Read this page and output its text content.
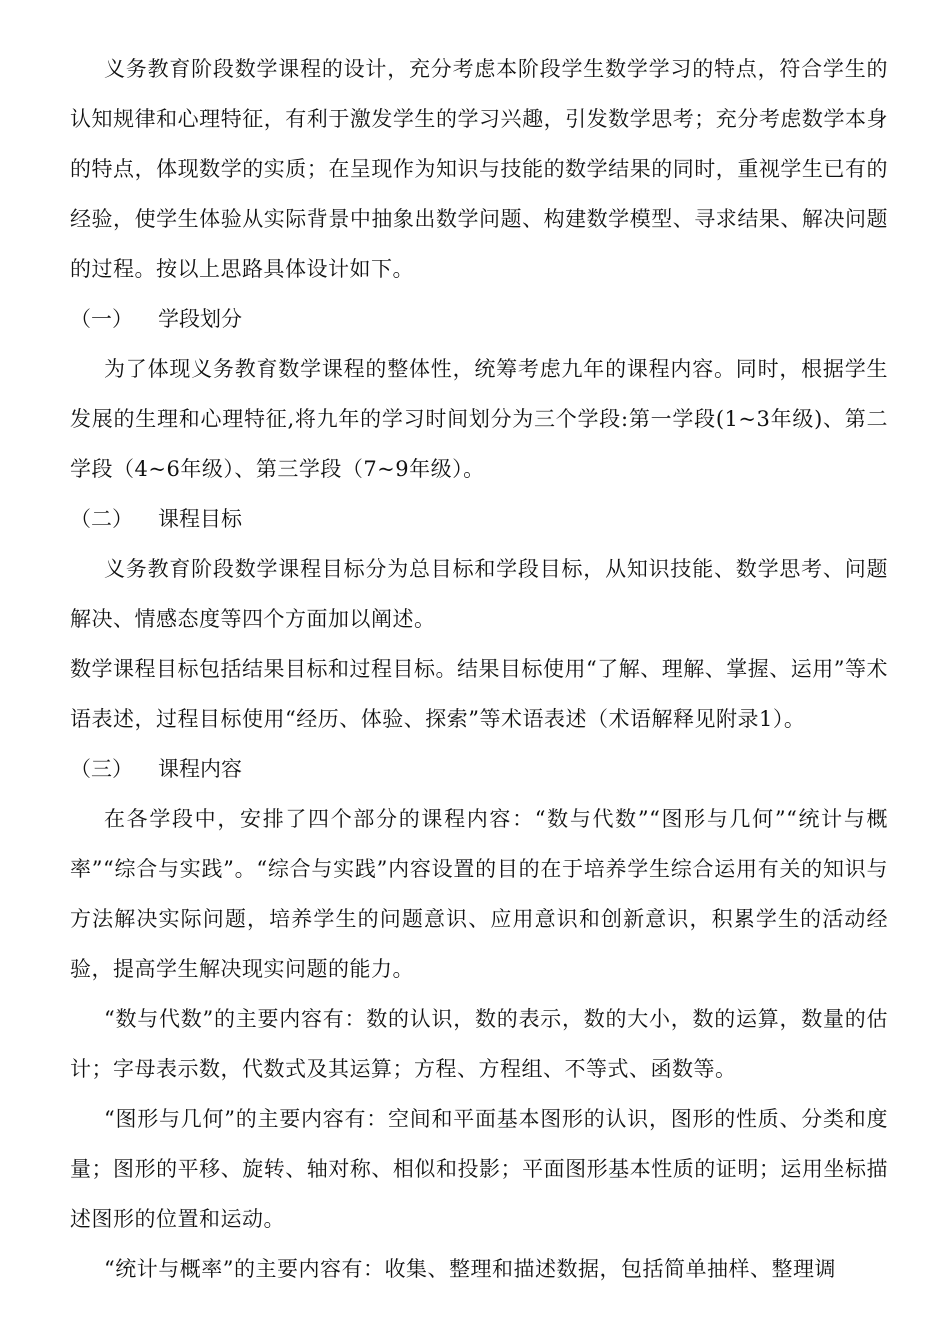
义务教育阶段数学课程的设计，充分考虑本阶段学生数学学习的特点，符合学生的认知规律和心理特征，有利于激发学生的学习兴趣，引发数学思考；充分考虑数学本身的特点，体现数学的实质；在呈现作为知识与技能的数学结果的同时，重视学生已有的经验，使学生体验从实际背景中抽象出数学问题、构建数学模型、寻求结果、解决问题的过程。按以上思路具体设计如下。

（一）	学段划分

为了体现义务教育数学课程的整体性，统筹考虑九年的课程内容。同时，根据学生发展的生理和心理特征,将九年的学习时间划分为三个学段:第一学段(1~3年级)、第二学段（4~6年级）、第三学段（7~9年级）。

（二）	课程目标

义务教育阶段数学课程目标分为总目标和学段目标，从知识技能、数学思考、问题解决、情感态度等四个方面加以阐述。

数学课程目标包括结果目标和过程目标。结果目标使用“了解、理解、掌握、运用”等术语表述，过程目标使用“经历、体验、探索”等术语表述（术语解释见附录1）。

（三）	课程内容

在各学段中，安排了四个部分的课程内容：“数与代数”“图形与几何”“统计与概率”“综合与实践”。“综合与实践”内容设置的目的在于培养学生综合运用有关的知识与方法解决实际问题，培养学生的问题意识、应用意识和创新意识，积累学生的活动经验，提高学生解决现实问题的能力。

“数与代数”的主要内容有：数的认识，数的表示，数的大小，数的运算，数量的估计；字母表示数，代数式及其运算；方程、方程组、不等式、函数等。

“图形与几何”的主要内容有：空间和平面基本图形的认识，图形的性质、分类和度量；图形的平移、旋转、轴对称、相似和投影；平面图形基本性质的证明；运用坐标描述图形的位置和运动。

“统计与概率”的主要内容有：收集、整理和描述数据，包括简单抽样、整理调
